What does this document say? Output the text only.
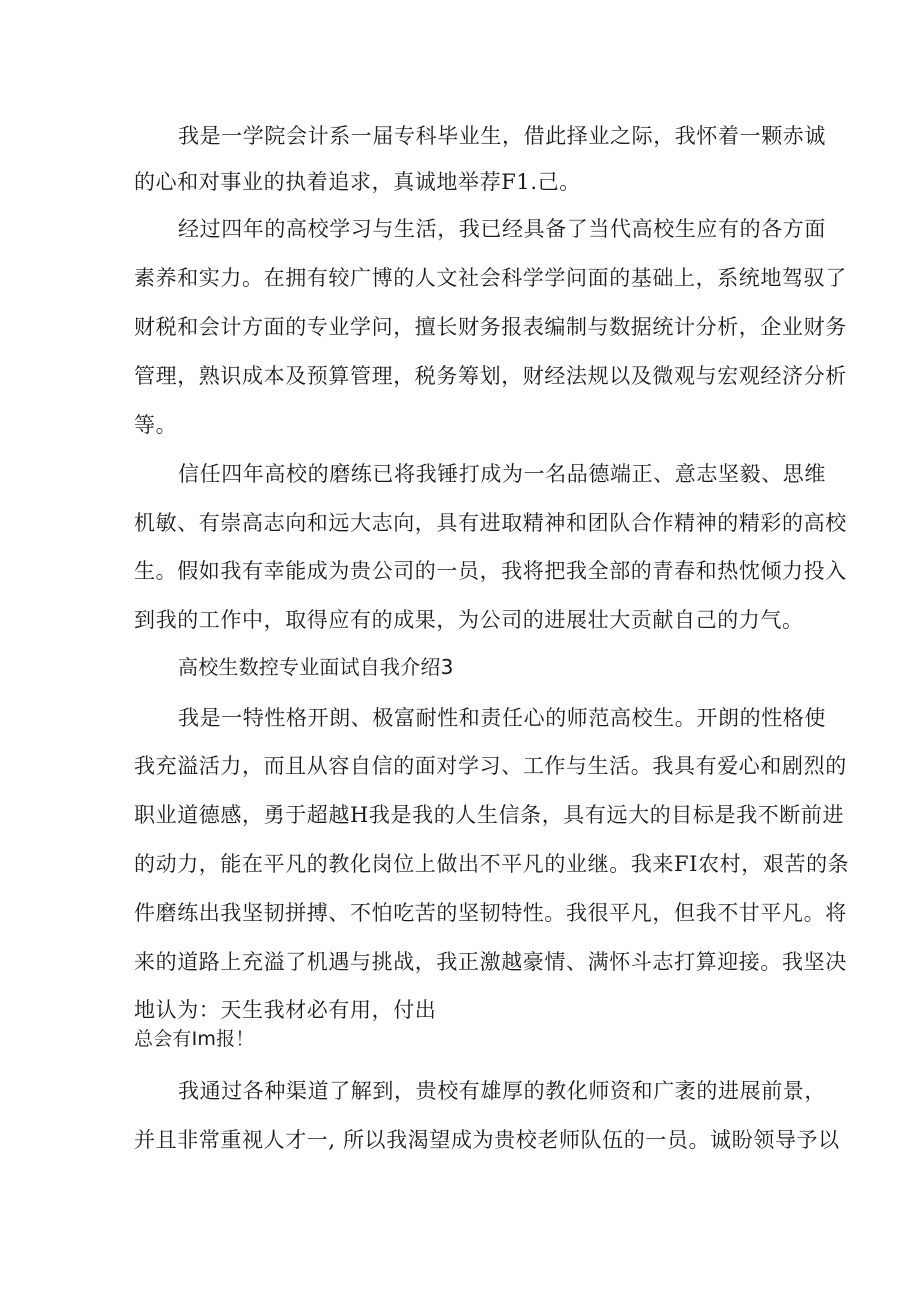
我是一学院会计系一届专科毕业生，借此择业之际，我怀着一颗赤诚
的心和对事业的执着追求，真诚地举荐F1.己。
经过四年的高校学习与生活，我已经具备了当代高校生应有的各方面
素养和实力。在拥有较广博的人文社会科学学问面的基础上，系统地驾驭了
财税和会计方面的专业学问，擅长财务报表编制与数据统计分析，企业财务
管理，熟识成本及预算管理，税务筹划，财经法规以及微观与宏观经济分析
等。
信任四年高校的磨练已将我锤打成为一名品德端正、意志坚毅、思维
机敏、有崇高志向和远大志向，具有进取精神和团队合作精神的精彩的高校
生。假如我有幸能成为贵公司的一员，我将把我全部的青春和热忱倾力投入
到我的工作中，取得应有的成果，为公司的进展壮大贡献自己的力气。
高校生数控专业面试自我介绍3
我是一特性格开朗、极富耐性和责任心的师范高校生。开朗的性格使
我充溢活力，而且从容自信的面对学习、工作与生活。我具有爱心和剧烈的
职业道德感，勇于超越H我是我的人生信条，具有远大的目标是我不断前进
的动力，能在平凡的教化岗位上做出不平凡的业继。我来FI农村，艰苦的条
件磨练出我坚韧拼搏、不怕吃苦的坚韧特性。我很平凡，但我不甘平凡。将
来的道路上充溢了机遇与挑战，我正激越豪情、满怀斗志打算迎接。我坚决
地认为：天生我材必有用，付出
总会有Im报！
我通过各种渠道了解到，贵校有雄厚的教化师资和广袤的进展前景，
并且非常重视人才一, 所以我渴望成为贵校老师队伍的一员。诚盼领导予以
